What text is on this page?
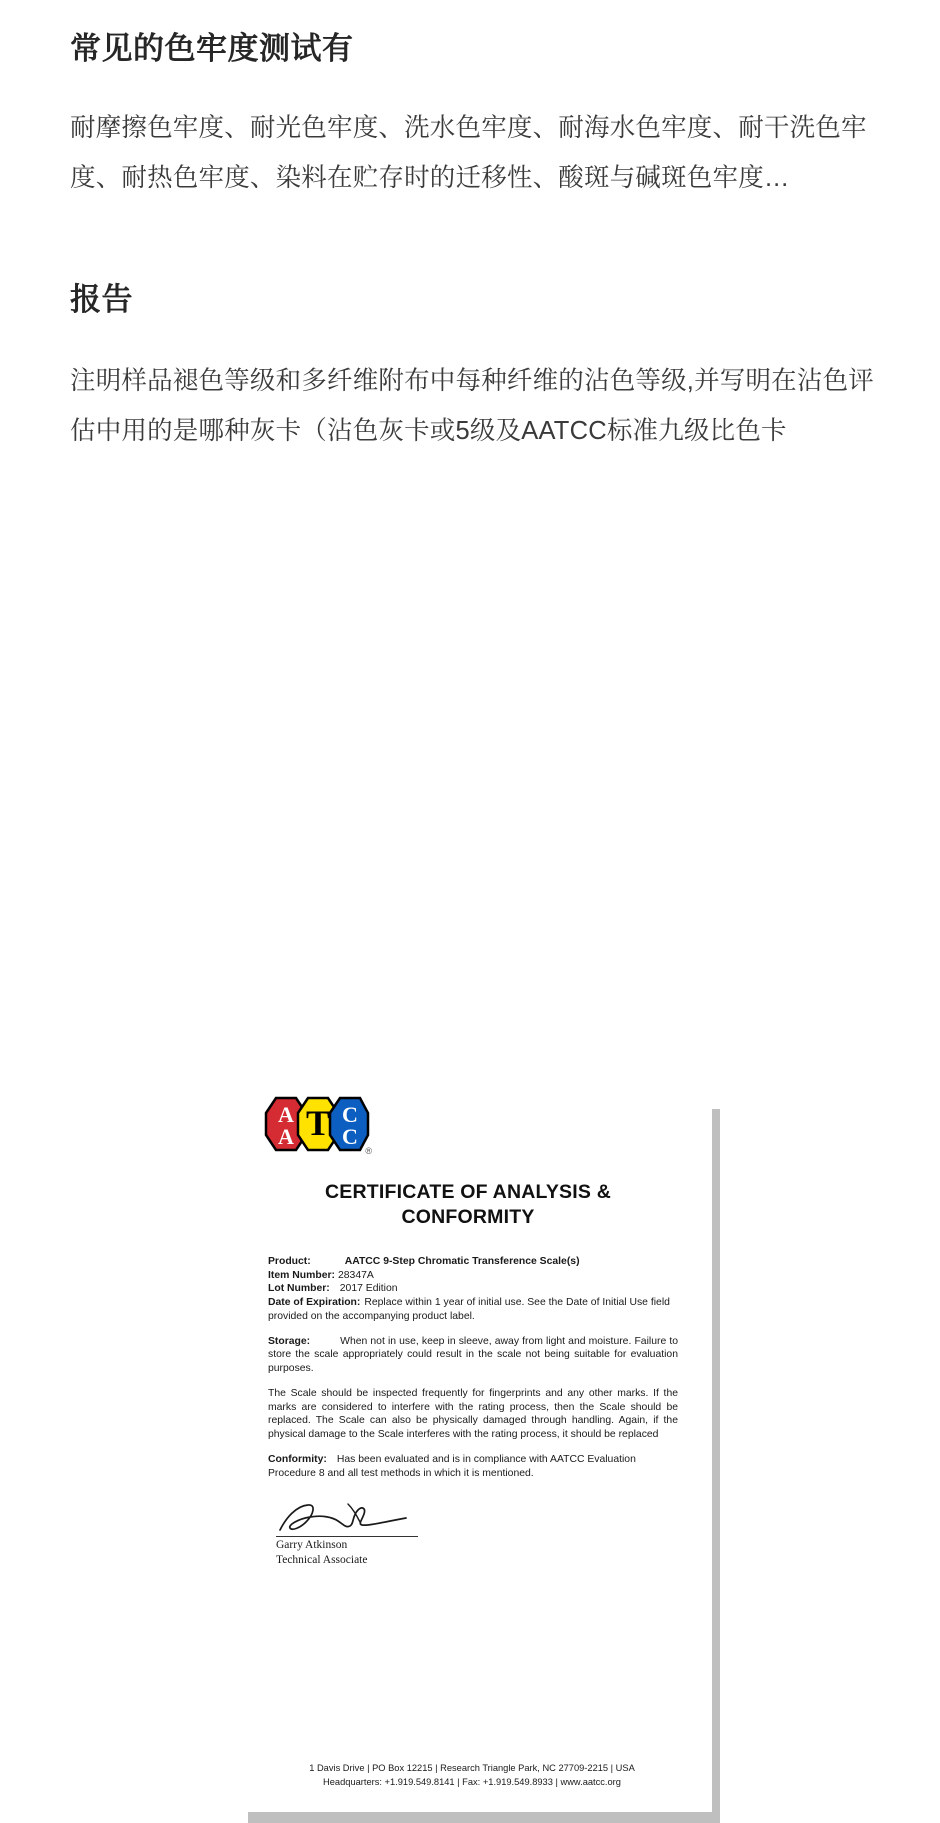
常见的色牢度测试有

耐摩擦色牢度、耐光色牢度、洗水色牢度、耐海水色牢度、耐干洗色牢度、耐热色牢度、染料在贮存时的迁移性、酸斑与碱斑色牢度…

报告

注明样品褪色等级和多纤维附布中每种纤维的沾色等级,并写明在沾色评估中用的是哪种灰卡（沾色灰卡或5级及AATCC标准九级比色卡

A
A T C
C
®
CERTIFICATE OF ANALYSIS &
CONFORMITY

Product:	AATCC 9-Step Chromatic Transference Scale(s)
Item Number: 28347A
Lot Number: 2017 Edition
Date of Expiration: Replace within 1 year of initial use. See the Date of Initial Use field provided on the accompanying product label.

Storage:	When not in use, keep in sleeve, away from light and moisture. Failure to store the scale appropriately could result in the scale not being suitable for evaluation purposes.

The Scale should be inspected frequently for fingerprints and any other marks. If the marks are considered to interfere with the rating process, then the Scale should be replaced. The Scale can also be physically damaged through handling. Again, if the physical damage to the Scale interferes with the rating process, it should be replaced

Conformity: Has been evaluated and is in compliance with AATCC Evaluation Procedure 8 and all test methods in which it is mentioned.

Garry Atkinson
Technical Associate
1 Davis Drive | PO Box 12215 | Research Triangle Park, NC 27709-2215 | USA
Headquarters: +1.919.549.8141 | Fax: +1.919.549.8933 | www.aatcc.org
